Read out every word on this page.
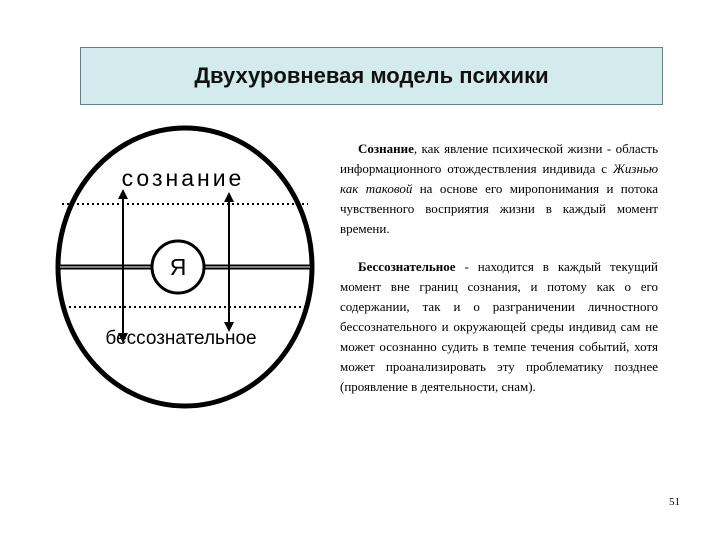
Двухуровневая модель психики
сознание
Я
бессознательное

Сознание, как явление психической жизни - область информационного отождествления индивида с Жизнью как таковой на основе его миропонимания и потока чувственного восприятия жизни в каждый момент времени.

Бессознательное - находится в каждый текущий момент вне границ сознания, и потому как о его содержании, так и о разграничении личностного бессознательного и окружающей среды индивид сам не может осознанно судить в темпе течения событий, хотя может проанализировать эту проблематику позднее (проявление в деятельности, снам).

51
